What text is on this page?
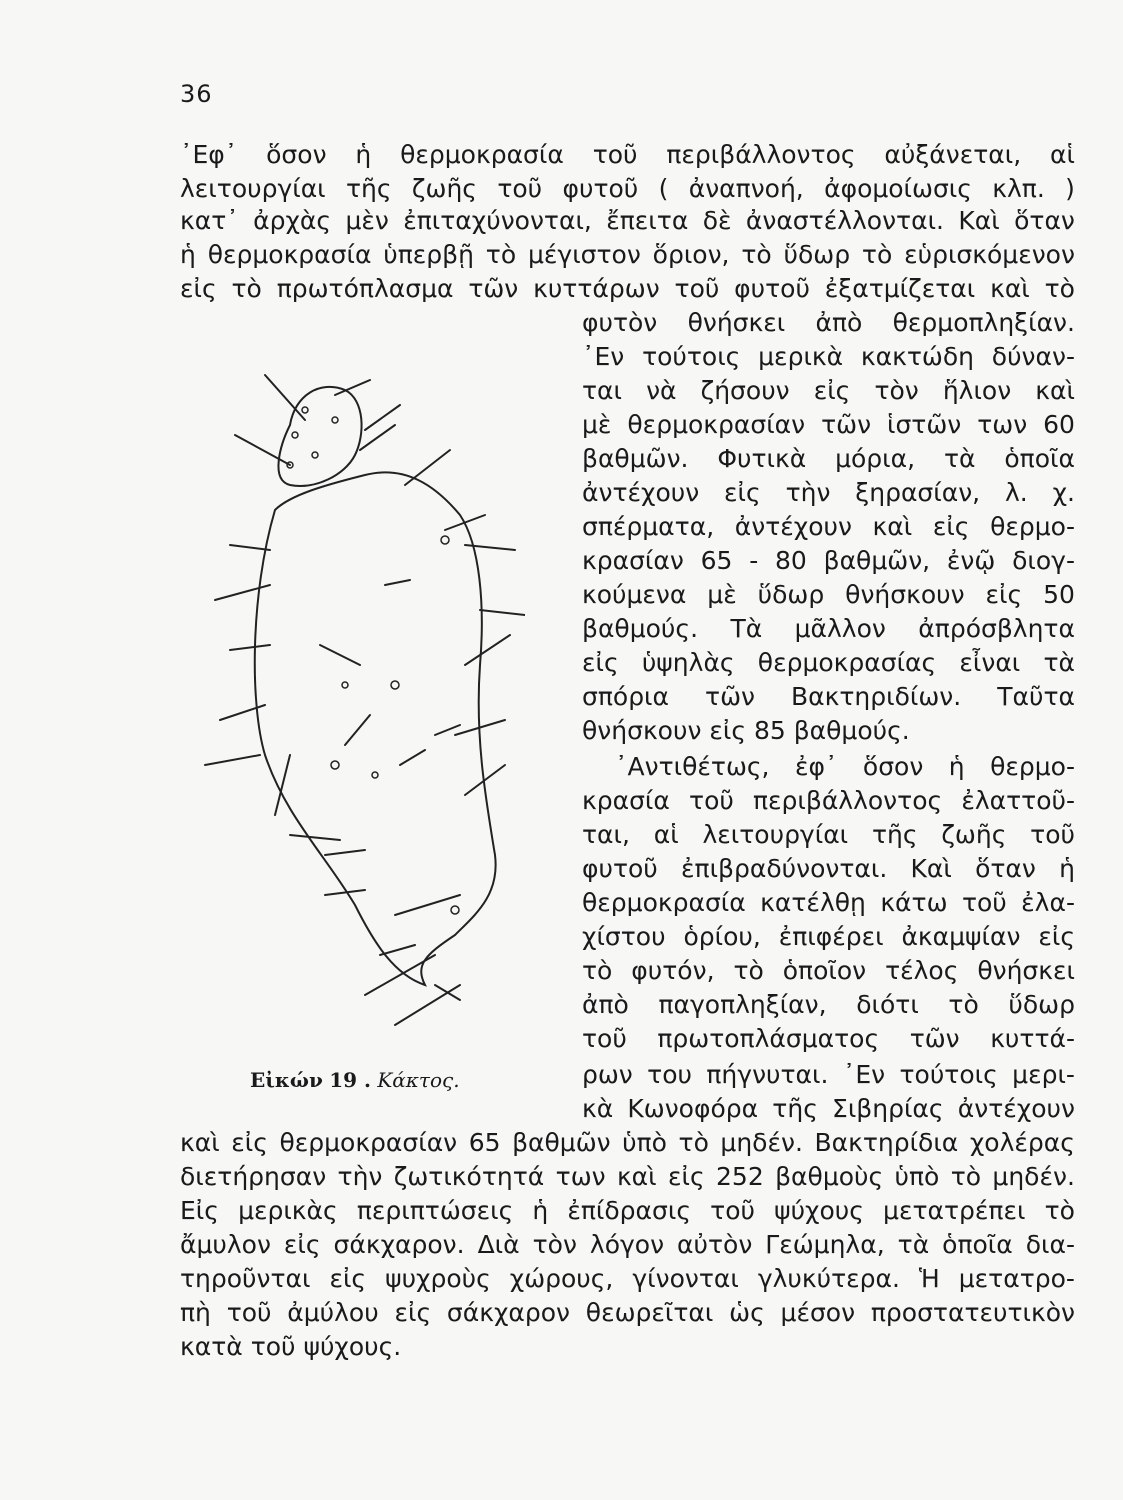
36
᾿Εφ᾿ ὅσον ἡ θερμοκρασία τοῦ περιβάλλοντος αὐξάνεται, αἱ
λειτουργίαι τῆς ζωῆς τοῦ φυτοῦ ( ἀναπνοή, ἀφομοίωσις κλπ. )
κατ᾿ ἀρχὰς μὲν ἐπιταχύνονται, ἔπειτα δὲ ἀναστέλλονται. Καὶ ὅταν
ἡ θερμοκρασία ὑπερβῇ τὸ μέγιστον ὅριον, τὸ ὕδωρ τὸ εὑρισκόμενον
εἰς τὸ πρωτόπλασμα τῶν κυττάρων τοῦ φυτοῦ ἐξατμίζεται καὶ τὸ
φυτὸν θνήσκει ἀπὸ θερμοπληξίαν.
᾿Εν τούτοις μερικὰ κακτώδη δύναν-
ται νὰ ζήσουν εἰς τὸν ἥλιον καὶ
μὲ θερμοκρασίαν τῶν ἱστῶν των 60
βαθμῶν. Φυτικὰ μόρια, τὰ ὁποῖα
ἀντέχουν εἰς τὴν ξηρασίαν, λ. χ.
σπέρματα, ἀντέχουν καὶ εἰς θερμο-
κρασίαν 65 - 80 βαθμῶν, ἐνῷ διογ-
κούμενα μὲ ὕδωρ θνήσκουν εἰς 50
βαθμούς. Τὰ μᾶλλον ἀπρόσβλητα
εἰς ὑψηλὰς θερμοκρασίας εἶναι τὰ
σπόρια τῶν Βακτηριδίων. Ταῦτα
θνήσκουν εἰς 85 βαθμούς.
᾿Αντιθέτως, ἐφ᾿ ὅσον ἡ θερμο-
κρασία τοῦ περιβάλλοντος ἐλαττοῦ-
ται, αἱ λειτουργίαι τῆς ζωῆς τοῦ
φυτοῦ ἐπιβραδύνονται. Καὶ ὅταν ἡ
θερμοκρασία κατέλθῃ κάτω τοῦ ἐλα-
χίστου ὁρίου, ἐπιφέρει ἀκαμψίαν εἰς
τὸ φυτόν, τὸ ὁποῖον τέλος θνήσκει
ἀπὸ παγοπληξίαν, διότι τὸ ὕδωρ
τοῦ πρωτοπλάσματος τῶν κυττά-
ρων του πήγνυται. ᾿Εν τούτοις μερι-
κὰ Κωνοφόρα τῆς Σιβηρίας ἀντέχουν
καὶ εἰς θερμοκρασίαν 65 βαθμῶν ὑπὸ τὸ μηδέν. Βακτηρίδια χολέρας
διετήρησαν τὴν ζωτικότητά των καὶ εἰς 252 βαθμοὺς ὑπὸ τὸ μηδέν.
Εἰς μερικὰς περιπτώσεις ἡ ἐπίδρασις τοῦ ψύχους μετατρέπει τὸ
ἄμυλον εἰς σάκχαρον. Διὰ τὸν λόγον αὐτὸν Γεώμηλα, τὰ ὁποῖα δια-
τηροῦνται εἰς ψυχροὺς χώρους, γίνονται γλυκύτερα. Ἡ μετατρο-
πὴ τοῦ ἀμύλου εἰς σάκχαρον θεωρεῖται ὡς μέσον προστατευτικὸν
κατὰ τοῦ ψύχους.
Εἰκών 19 . Κάκτος.
